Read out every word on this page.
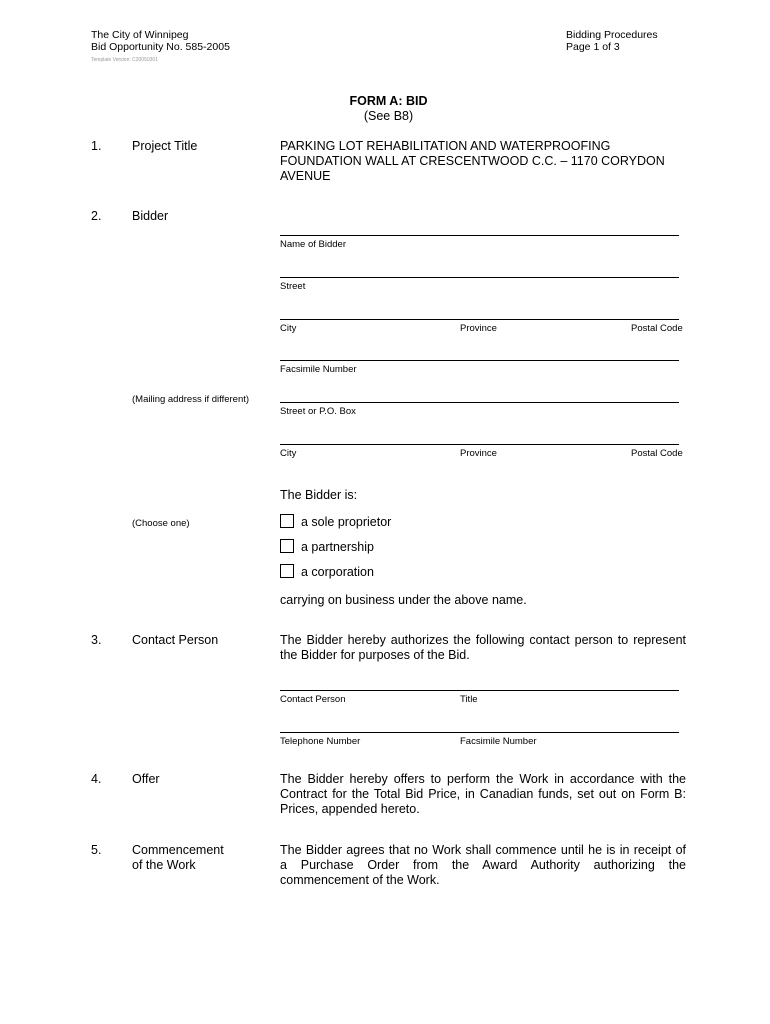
The City of Winnipeg
Bid Opportunity No. 585-2005
Template Version: C20050301
Bidding Procedures
Page 1 of 3
FORM A: BID
(See B8)
1. Project Title	PARKING LOT REHABILITATION AND WATERPROOFING
FOUNDATION WALL AT CRESCENTWOOD C.C. – 1170 CORYDON
AVENUE
2. Bidder
Name of Bidder
Street
City	Province	Postal Code
Facsimile Number
(Mailing address if different)
Street or P.O. Box
City	Province	Postal Code
The Bidder is:
(Choose one)	a sole proprietor
a partnership
a corporation
carrying on business under the above name.
3. Contact Person	The Bidder hereby authorizes the following contact person to represent
the Bidder for purposes of the Bid.
Contact Person	Title
Telephone Number	Facsimile Number
4. Offer	The Bidder hereby offers to perform the Work in accordance with the
Contract for the Total Bid Price, in Canadian funds, set out on Form B:
Prices, appended hereto.
5. Commencement
of the Work
The Bidder agrees that no Work shall commence until he is in receipt of
a Purchase Order from the Award Authority authorizing the
commencement of the Work.
